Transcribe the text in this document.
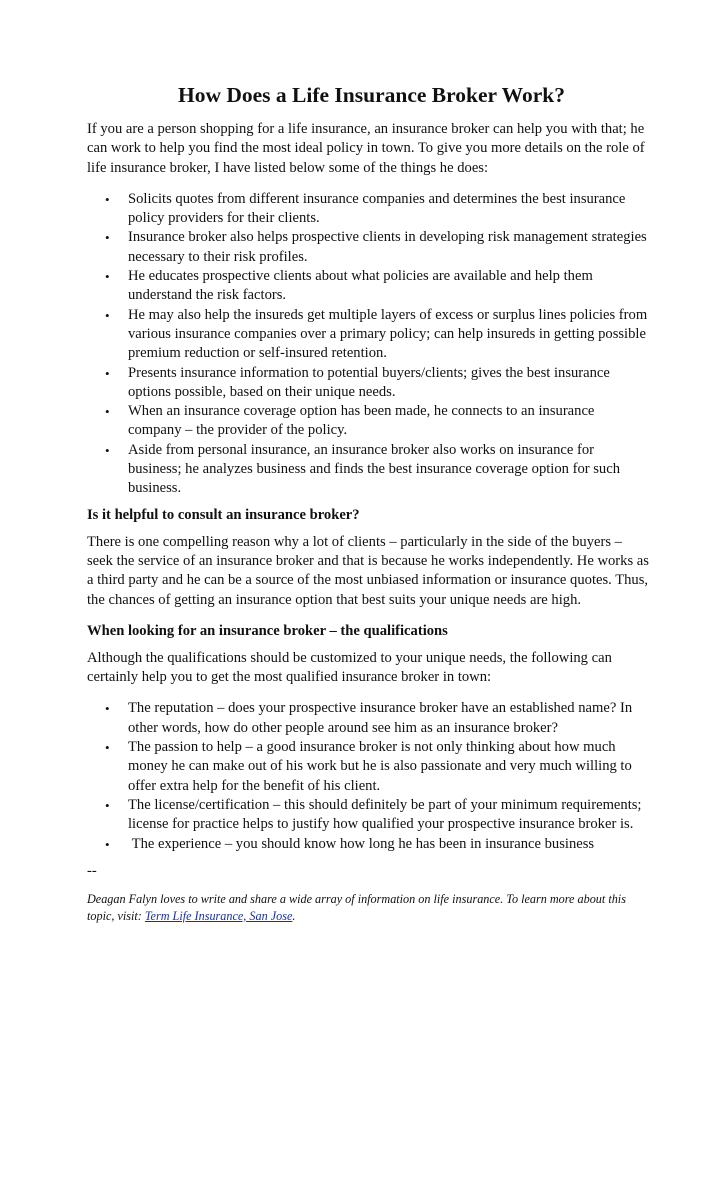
How Does a Life Insurance Broker Work?

If you are a person shopping for a life insurance, an insurance broker can help you with that; he can work to help you find the most ideal policy in town. To give you more details on the role of life insurance broker, I have listed below some of the things he does:

• Solicits quotes from different insurance companies and determines the best insurance policy providers for their clients.
• Insurance broker also helps prospective clients in developing risk management strategies necessary to their risk profiles.
• He educates prospective clients about what policies are available and help them understand the risk factors.
• He may also help the insureds get multiple layers of excess or surplus lines policies from various insurance companies over a primary policy; can help insureds in getting possible premium reduction or self-insured retention.
• Presents insurance information to potential buyers/clients; gives the best insurance options possible, based on their unique needs.
• When an insurance coverage option has been made, he connects to an insurance company – the provider of the policy.
• Aside from personal insurance, an insurance broker also works on insurance for business; he analyzes business and finds the best insurance coverage option for such business.
Is it helpful to consult an insurance broker?

There is one compelling reason why a lot of clients – particularly in the side of the buyers – seek the service of an insurance broker and that is because he works independently. He works as a third party and he can be a source of the most unbiased information or insurance quotes. Thus, the chances of getting an insurance option that best suits your unique needs are high.

When looking for an insurance broker – the qualifications

Although the qualifications should be customized to your unique needs, the following can certainly help you to get the most qualified insurance broker in town:

• The reputation – does your prospective insurance broker have an established name? In other words, how do other people around see him as an insurance broker?
• The passion to help – a good insurance broker is not only thinking about how much money he can make out of his work but he is also passionate and very much willing to offer extra help for the benefit of his client.
• The license/certification – this should definitely be part of your minimum requirements; license for practice helps to justify how qualified your prospective insurance broker is.
• The experience – you should know how long he has been in insurance business
--
Deagan Falyn loves to write and share a wide array of information on life insurance. To learn more about this topic, visit: Term Life Insurance, San Jose.
